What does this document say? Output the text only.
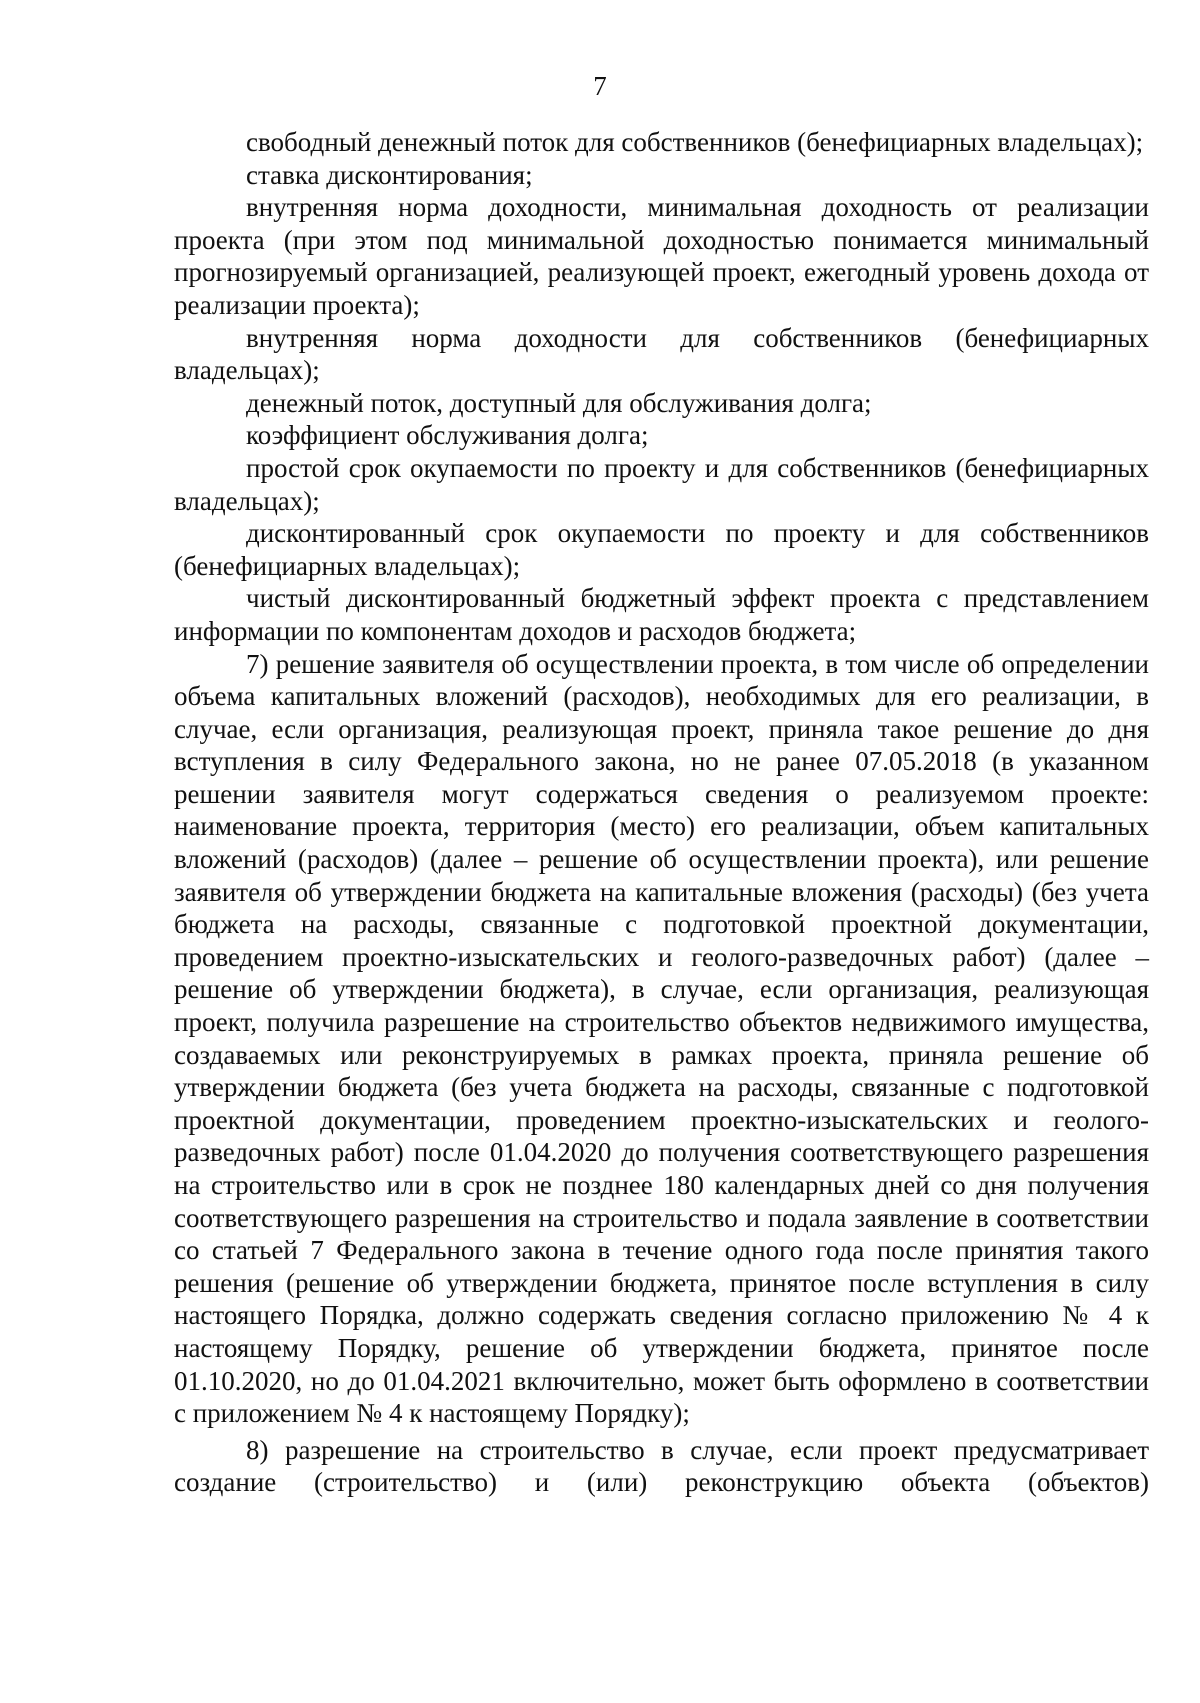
7

свободный денежный поток для собственников (бенефициарных владельцах);

ставка дисконтирования;

внутренняя норма доходности, минимальная доходность от реализации проекта (при этом под минимальной доходностью понимается минимальный прогнозируемый организацией, реализующей проект, ежегодный уровень дохода от реализации проекта);

внутренняя норма доходности для собственников (бенефициарных владельцах);

денежный поток, доступный для обслуживания долга;

коэффициент обслуживания долга;

простой срок окупаемости по проекту и для собственников (бенефициарных владельцах);

дисконтированный срок окупаемости по проекту и для собственников (бенефициарных владельцах);

чистый дисконтированный бюджетный эффект проекта с представлением информации по компонентам доходов и расходов бюджета;

7) решение заявителя об осуществлении проекта, в том числе об определении объема капитальных вложений (расходов), необходимых для его реализации, в случае, если организация, реализующая проект, приняла такое решение до дня вступления в силу Федерального закона, но не ранее 07.05.2018 (в указанном решении заявителя могут содержаться сведения о реализуемом проекте: наименование проекта, территория (место) его реализации, объем капитальных вложений (расходов) (далее – решение об осуществлении проекта), или решение заявителя об утверждении бюджета на капитальные вложения (расходы) (без учета бюджета на расходы, связанные с подготовкой проектной документации, проведением проектно-изыскательских и геолого-разведочных работ) (далее – решение об утверждении бюджета), в случае, если организация, реализующая проект, получила разрешение на строительство объектов недвижимого имущества, создаваемых или реконструируемых в рамках проекта, приняла решение об утверждении бюджета (без учета бюджета на расходы, связанные с подготовкой проектной документации, проведением проектно-изыскательских и геолого-разведочных работ) после 01.04.2020 до получения соответствующего разрешения на строительство или в срок не позднее 180 календарных дней со дня получения соответствующего разрешения на строительство и подала заявление в соответствии со статьей 7 Федерального закона в течение одного года после принятия такого решения (решение об утверждении бюджета, принятое после вступления в силу настоящего Порядка, должно содержать сведения согласно приложению № 4 к настоящему Порядку, решение об утверждении бюджета, принятое после 01.10.2020, но до 01.04.2021 включительно, может быть оформлено в соответствии с приложением № 4 к настоящему Порядку);

8) разрешение на строительство в случае, если проект предусматривает создание (строительство) и (или) реконструкцию объекта (объектов)
